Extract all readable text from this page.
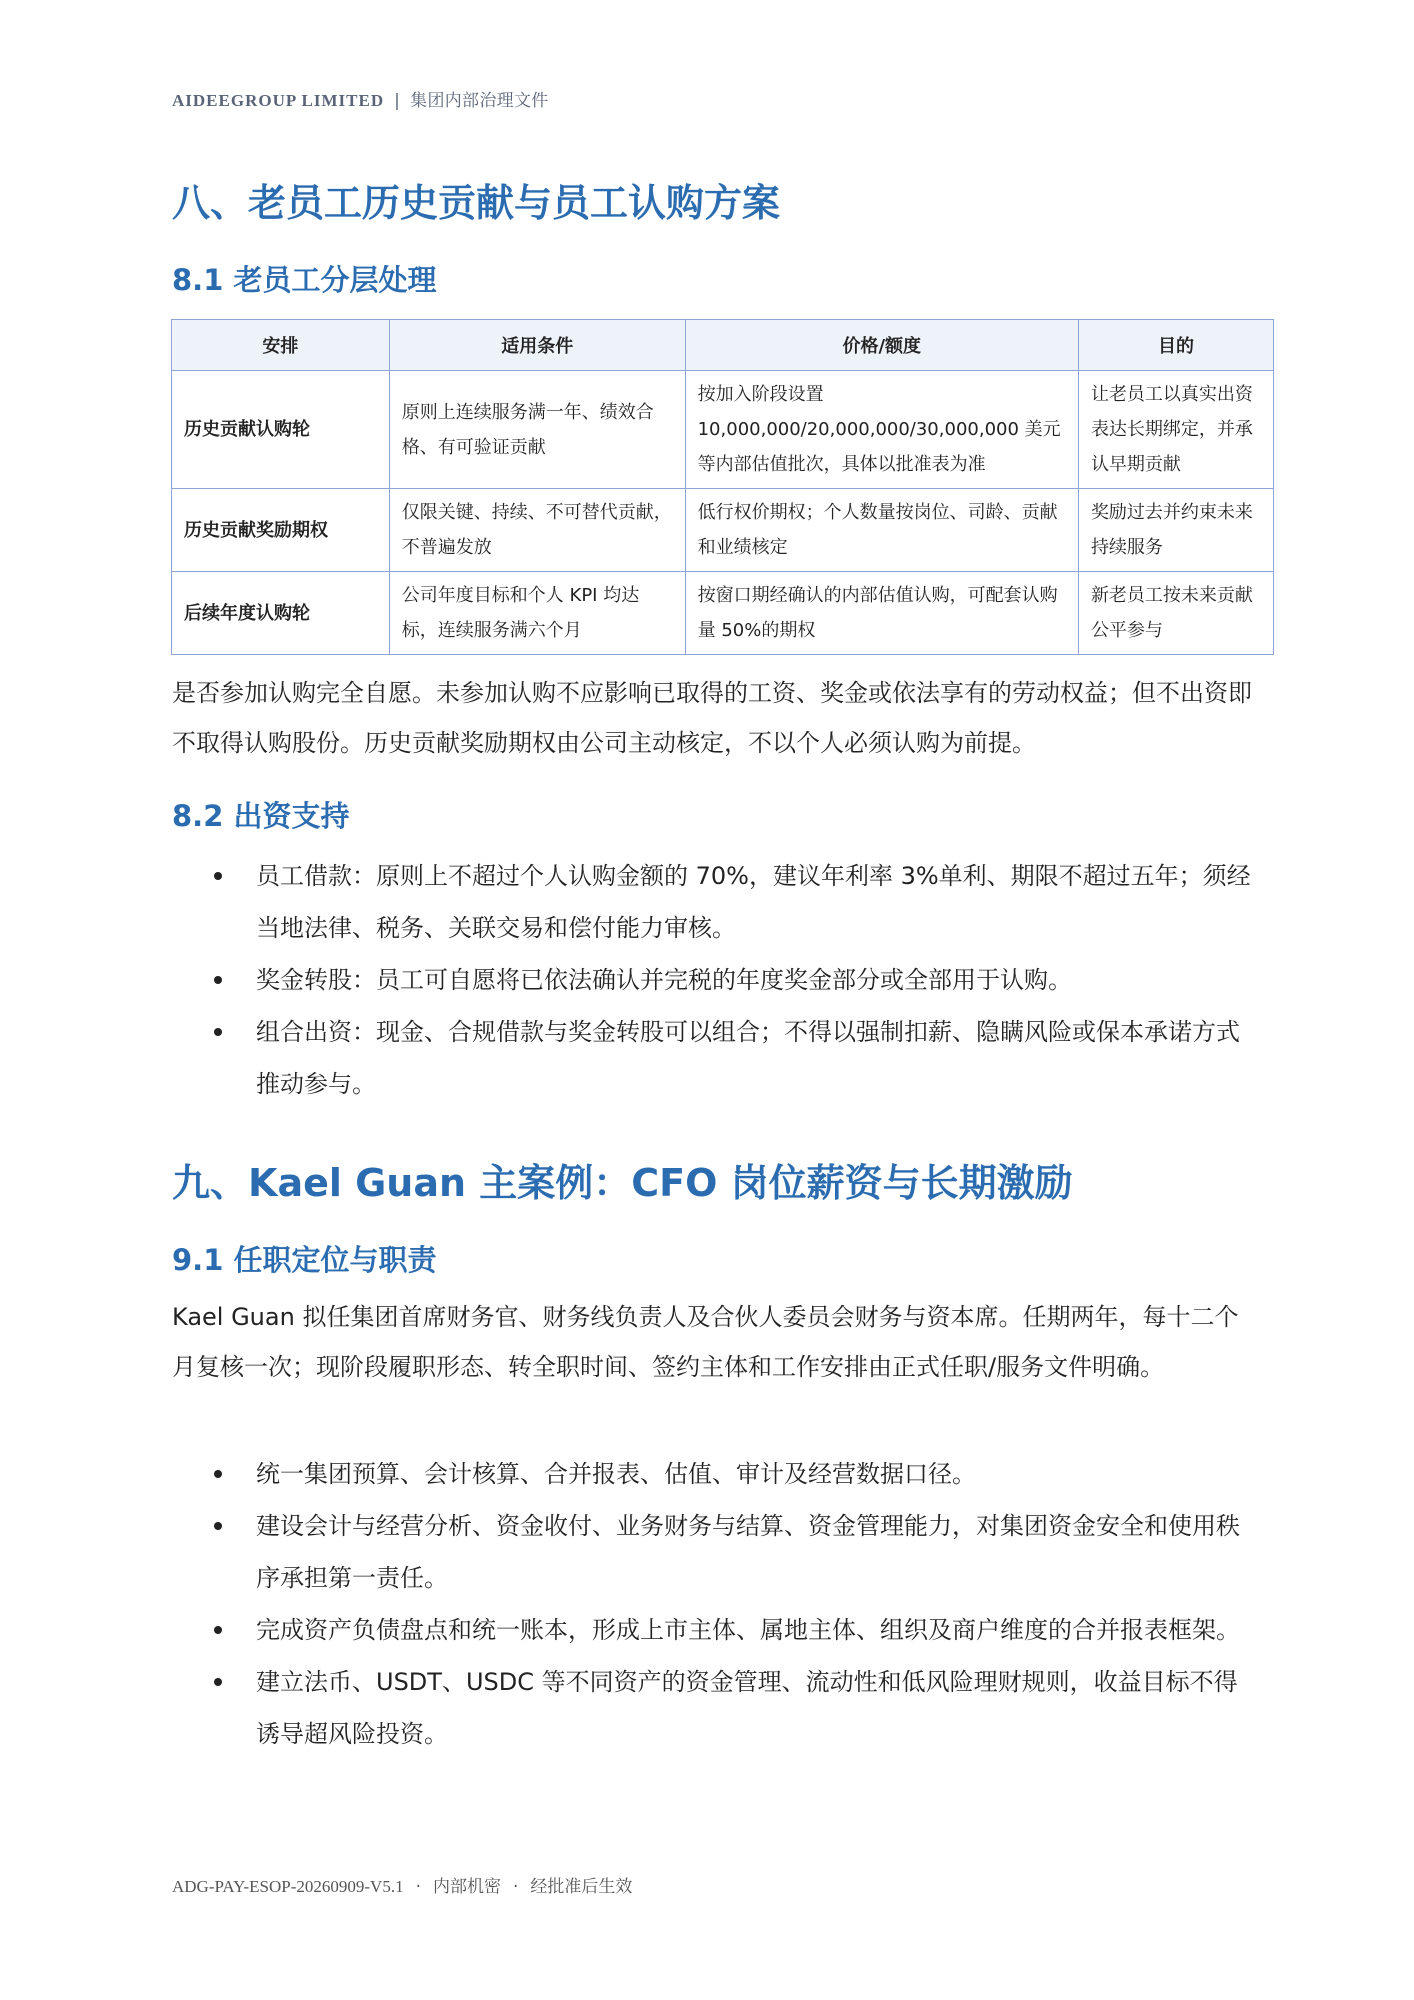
AIDEEGROUP LIMITED | 集团内部治理文件
八、老员工历史贡献与员工认购方案
8.1 老员工分层处理
安排	适用条件	价格/额度	目的
历史贡献认购轮	原则上连续服务满一年、绩效合格、有可验证贡献	按加入阶段设置 10,000,000/20,000,000/30,000,000 美元等内部估值批次，具体以批准表为准	让老员工以真实出资表达长期绑定，并承认早期贡献
历史贡献奖励期权	仅限关键、持续、不可替代贡献，不普遍发放	低行权价期权；个人数量按岗位、司龄、贡献和业绩核定	奖励过去并约束未来持续服务
后续年度认购轮	公司年度目标和个人 KPI 均达标，连续服务满六个月	按窗口期经确认的内部估值认购，可配套认购量 50%的期权	新老员工按未来贡献公平参与

是否参加认购完全自愿。未参加认购不应影响已取得的工资、奖金或依法享有的劳动权益；但不出资即不取得认购股份。历史贡献奖励期权由公司主动核定，不以个人必须认购为前提。

8.2 出资支持
员工借款：原则上不超过个人认购金额的 70%，建议年利率 3%单利、期限不超过五年；须经当地法律、税务、关联交易和偿付能力审核。
奖金转股：员工可自愿将已依法确认并完税的年度奖金部分或全部用于认购。
组合出资：现金、合规借款与奖金转股可以组合；不得以强制扣薪、隐瞒风险或保本承诺方式推动参与。
九、Kael Guan 主案例：CFO 岗位薪资与长期激励
9.1 任职定位与职责

Kael Guan 拟任集团首席财务官、财务线负责人及合伙人委员会财务与资本席。任期两年，每十二个月复核一次；现阶段履职形态、转全职时间、签约主体和工作安排由正式任职/服务文件明确。

统一集团预算、会计核算、合并报表、估值、审计及经营数据口径。
建设会计与经营分析、资金收付、业务财务与结算、资金管理能力，对集团资金安全和使用秩序承担第一责任。
完成资产负债盘点和统一账本，形成上市主体、属地主体、组织及商户维度的合并报表框架。
建立法币、USDT、USDC 等不同资产的资金管理、流动性和低风险理财规则，收益目标不得诱导超风险投资。
ADG-PAY-ESOP-20260909-V5.1 · 内部机密 · 经批准后生效
